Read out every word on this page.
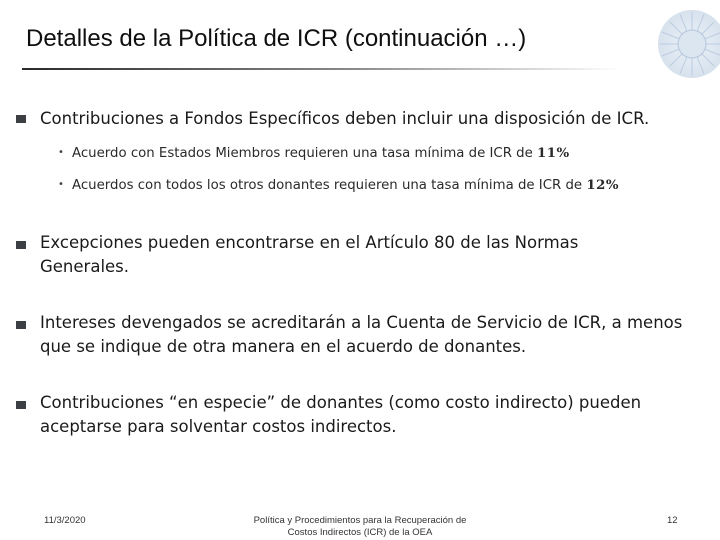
Detalles de la Política de ICR (continuación …)
Contribuciones a Fondos Específicos deben incluir una disposición de ICR.
• Acuerdo con Estados Miembros requieren una tasa mínima de ICR de 11%
• Acuerdos con todos los otros donantes requieren una tasa mínima de ICR de 12%
Excepciones pueden encontrarse en el Artículo 80 de las Normas Generales.
Intereses devengados se acreditarán a la Cuenta de Servicio de ICR, a menos que se indique de otra manera en el acuerdo de donantes.
Contribuciones “en especie” de donantes (como costo indirecto) pueden aceptarse para solventar costos indirectos.
11/3/2020	Política y Procedimientos para la Recuperación de
Costos Indirectos (ICR) de la OEA
12
